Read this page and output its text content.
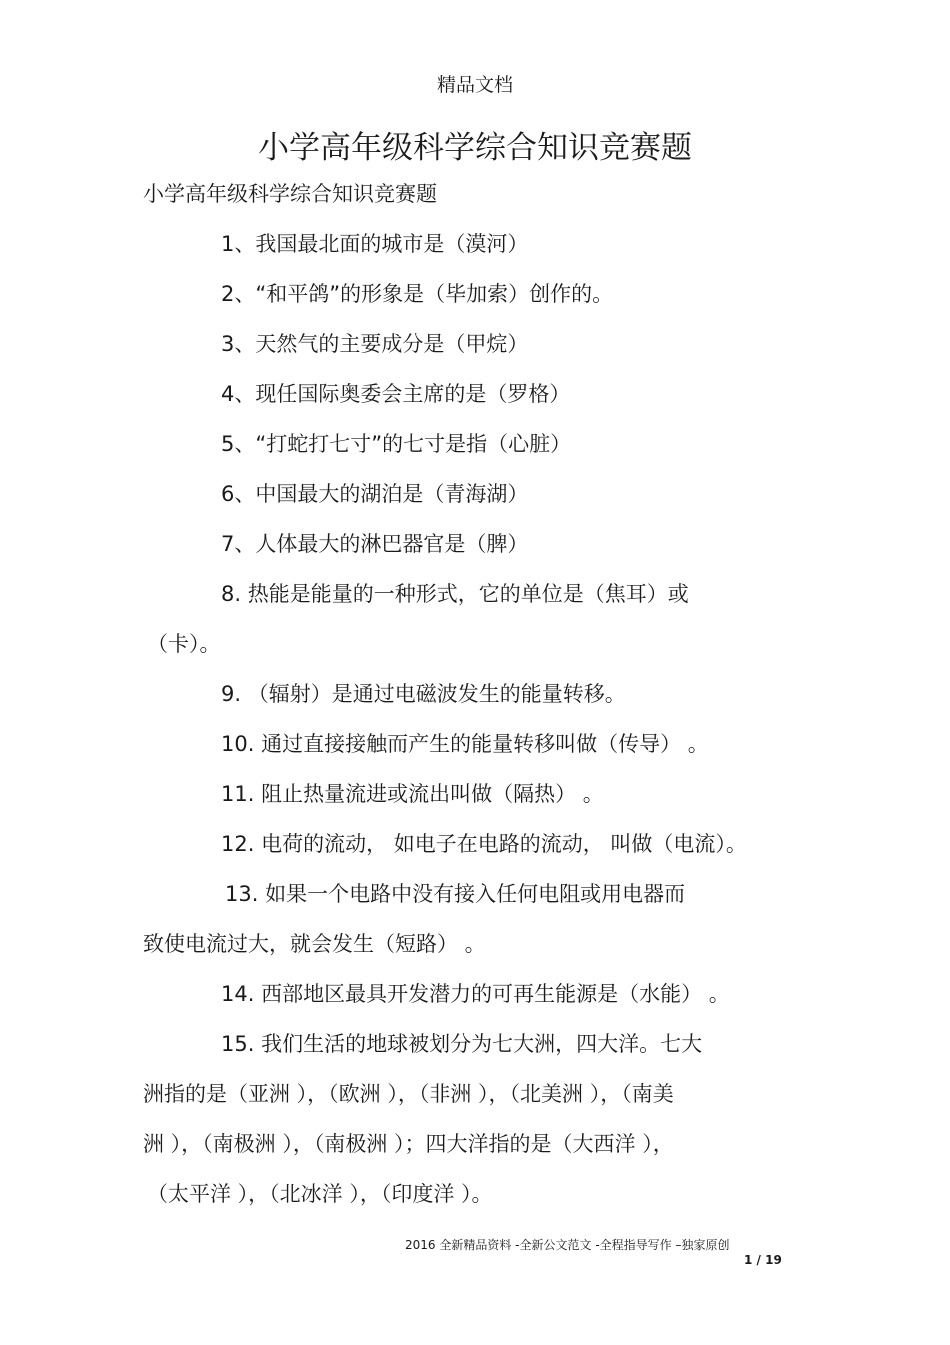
精品文档
小学高年级科学综合知识竞赛题
小学高年级科学综合知识竞赛题
1、我国最北面的城市是（漠河）
2、“和平鸽”的形象是（毕加索）创作的。
3、天然气的主要成分是（甲烷）
4、现任国际奥委会主席的是（罗格）
5、“打蛇打七寸”的七寸是指（心脏）
6、中国最大的湖泊是（青海湖）
7、人体最大的淋巴器官是（脾）
8. 热能是能量的一种形式，它的单位是（焦耳）或
（卡）。
9. （辐射）是通过电磁波发生的能量转移。
10. 通过直接接触而产生的能量转移叫做（传导） 。
11. 阻止热量流进或流出叫做（隔热） 。
12. 电荷的流动， 如电子在电路的流动， 叫做（电流）。
13. 如果一个电路中没有接入任何电阻或用电器而
致使电流过大，就会发生（短路） 。
14. 西部地区最具开发潜力的可再生能源是（水能） 。
15. 我们生活的地球被划分为七大洲，四大洋。七大
洲指的是（亚洲 ），（欧洲 ），（非洲 ），（北美洲 ），（南美
洲 ），（南极洲 ），（南极洲 ）；四大洋指的是（大西洋 ），
（太平洋 ），（北冰洋 ），（印度洋 ）。
2016 全新精品资料 -全新公文范文 -全程指导写作 –独家原创
1 / 19
